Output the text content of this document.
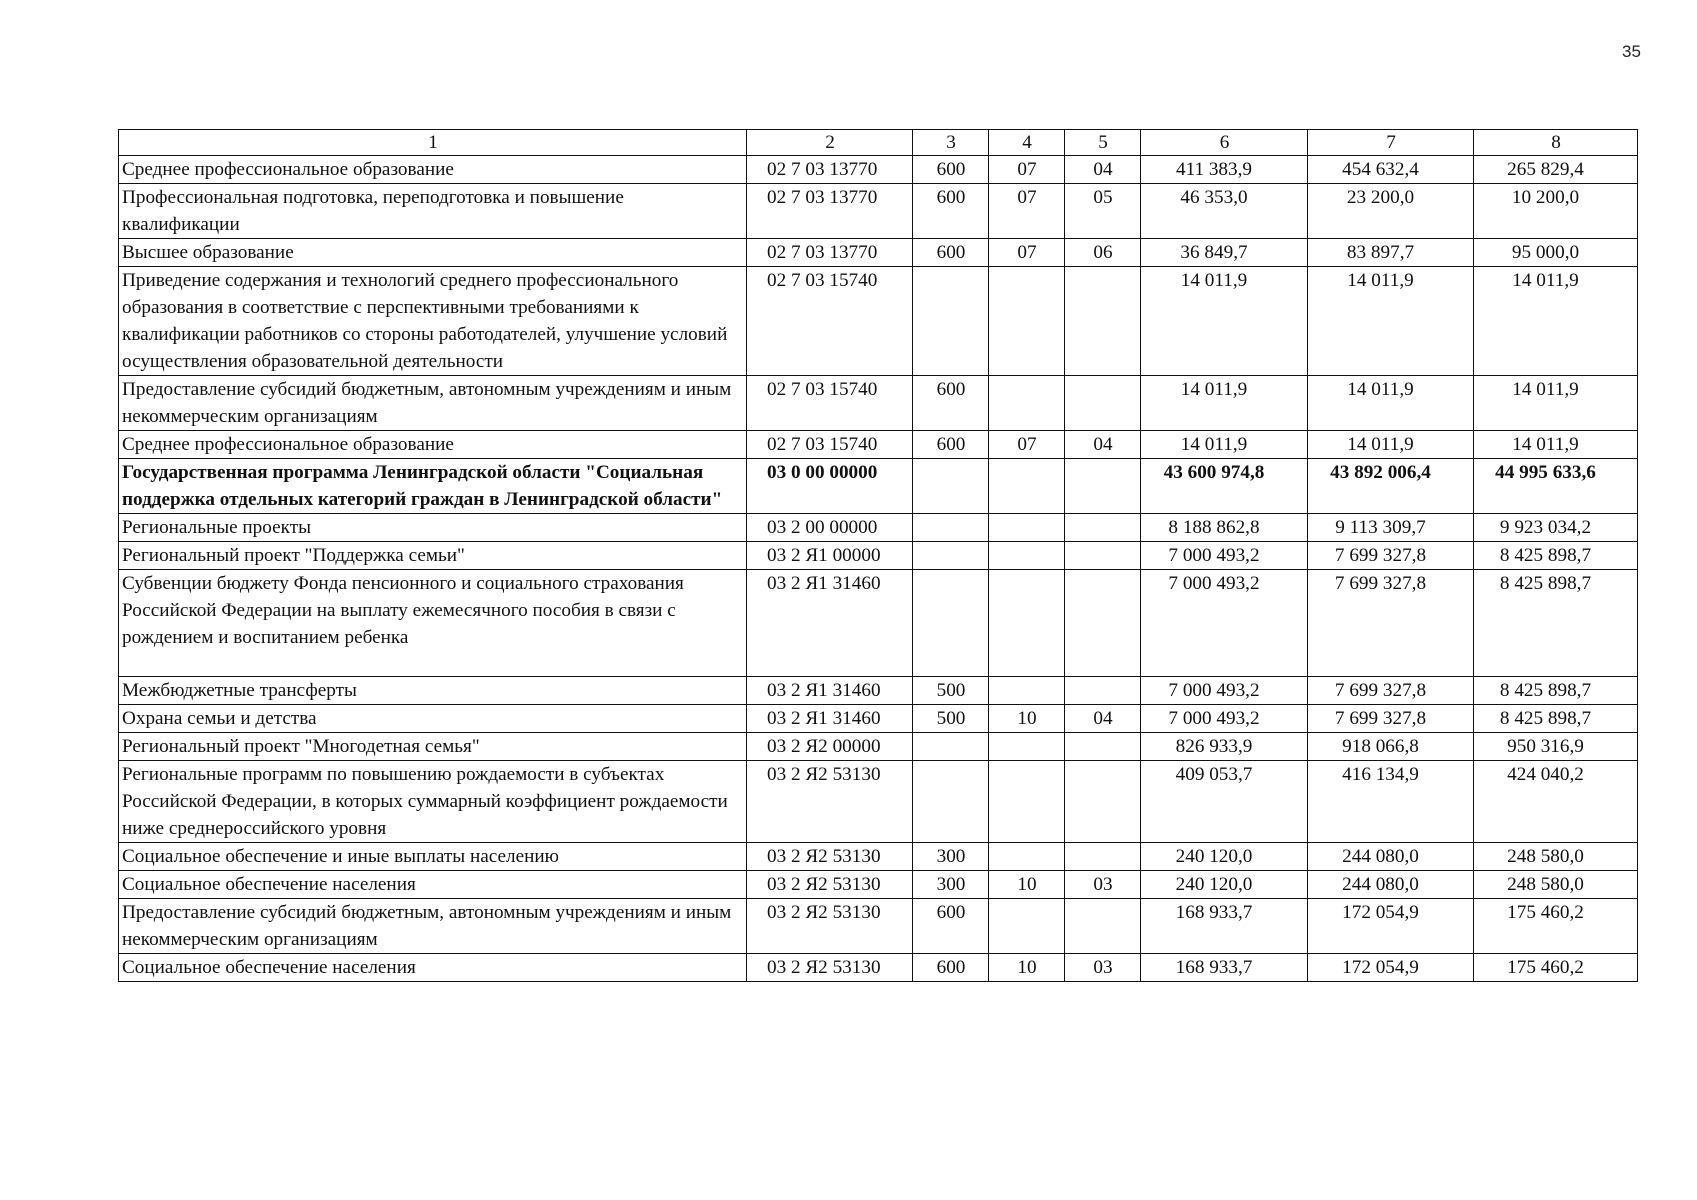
35
1	2	3	4	5	6	7	8
Среднее профессиональное образование	02 7 03 13770	600	07	04	411 383,9	454 632,4	265 829,4
Профессиональная подготовка, переподготовка и повышение квалификации	02 7 03 13770	600	07	05	46 353,0	23 200,0	10 200,0
Высшее образование	02 7 03 13770	600	07	06	36 849,7	83 897,7	95 000,0
Приведение содержания и технологий среднего профессионального образования в соответствие с перспективными требованиями к квалификации работников со стороны работодателей, улучшение условий осуществления образовательной деятельности	02 7 03 15740				14 011,9	14 011,9	14 011,9
Предоставление субсидий бюджетным, автономным учреждениям и иным некоммерческим организациям	02 7 03 15740	600			14 011,9	14 011,9	14 011,9
Среднее профессиональное образование	02 7 03 15740	600	07	04	14 011,9	14 011,9	14 011,9
Государственная программа Ленинградской области "Социальная поддержка отдельных категорий граждан в Ленинградской области"	03 0 00 00000				43 600 974,8	43 892 006,4	44 995 633,6
Региональные проекты	03 2 00 00000				8 188 862,8	9 113 309,7	9 923 034,2
Региональный проект "Поддержка семьи"	03 2 Я1 00000				7 000 493,2	7 699 327,8	8 425 898,7
Субвенции бюджету Фонда пенсионного и социального страхования Российской Федерации на выплату ежемесячного пособия в связи с рождением и воспитанием ребенка	03 2 Я1 31460				7 000 493,2	7 699 327,8	8 425 898,7
Межбюджетные трансферты	03 2 Я1 31460	500			7 000 493,2	7 699 327,8	8 425 898,7
Охрана семьи и детства	03 2 Я1 31460	500	10	04	7 000 493,2	7 699 327,8	8 425 898,7
Региональный проект "Многодетная семья"	03 2 Я2 00000				826 933,9	918 066,8	950 316,9
Региональные программ по повышению рождаемости в субъектах Российской Федерации, в которых суммарный коэффициент рождаемости ниже среднероссийского уровня	03 2 Я2 53130				409 053,7	416 134,9	424 040,2
Социальное обеспечение и иные выплаты населению	03 2 Я2 53130	300			240 120,0	244 080,0	248 580,0
Социальное обеспечение населения	03 2 Я2 53130	300	10	03	240 120,0	244 080,0	248 580,0
Предоставление субсидий бюджетным, автономным учреждениям и иным некоммерческим организациям	03 2 Я2 53130	600			168 933,7	172 054,9	175 460,2
Социальное обеспечение населения	03 2 Я2 53130	600	10	03	168 933,7	172 054,9	175 460,2
